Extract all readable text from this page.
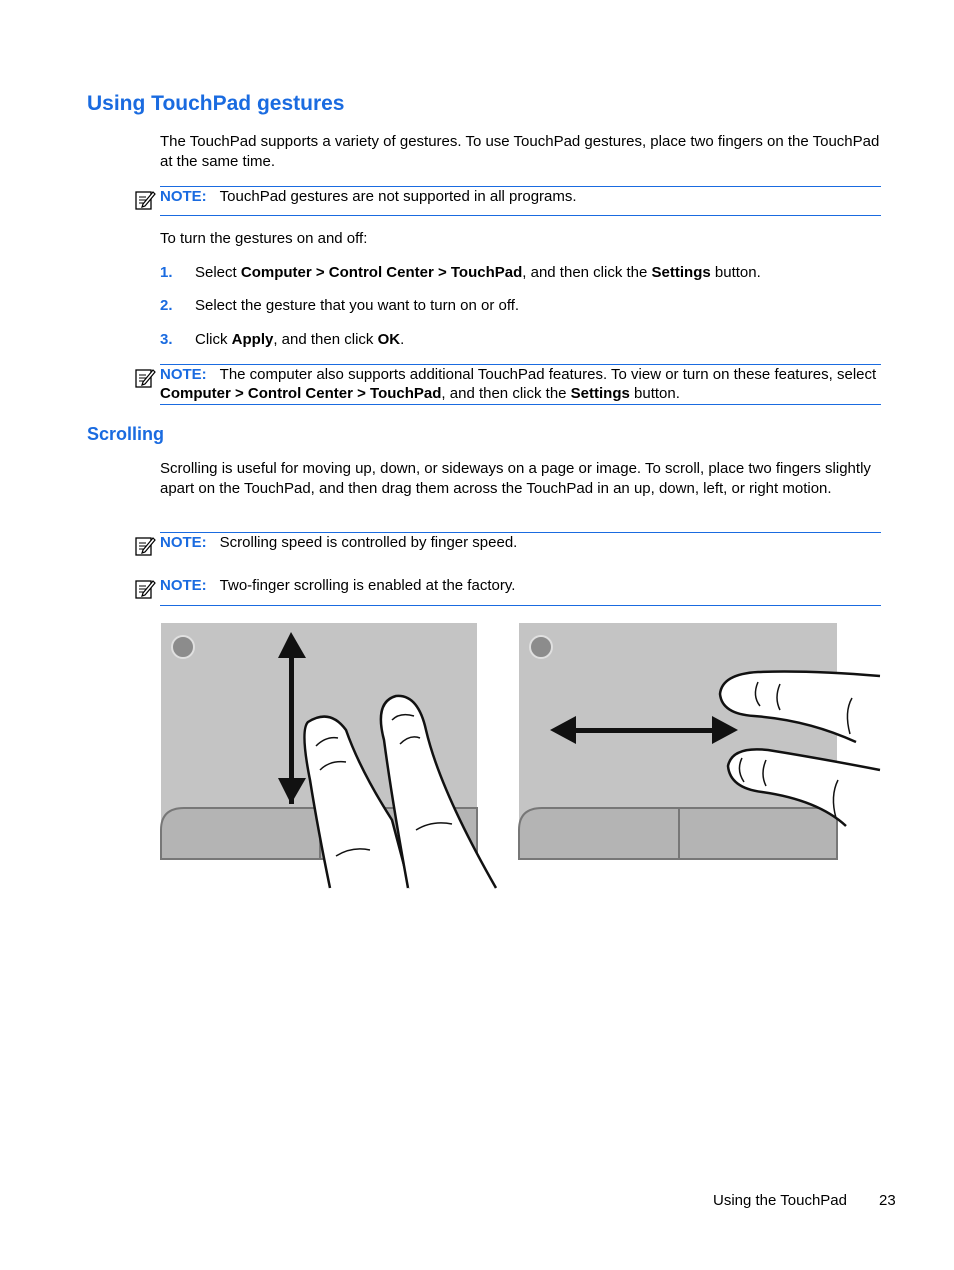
Using TouchPad gestures

The TouchPad supports a variety of gestures. To use TouchPad gestures, place two fingers on the TouchPad at the same time.

NOTE: TouchPad gestures are not supported in all programs.

To turn the gestures on and off:

1. Select Computer > Control Center > TouchPad, and then click the Settings button.
2. Select the gesture that you want to turn on or off.
3. Click Apply, and then click OK.
NOTE: The computer also supports additional TouchPad features. To view or turn on these features, select Computer > Control Center > TouchPad, and then click the Settings button.
Scrolling

Scrolling is useful for moving up, down, or sideways on a page or image. To scroll, place two fingers slightly apart on the TouchPad, and then drag them across the TouchPad in an up, down, left, or right motion.

NOTE: Scrolling speed is controlled by finger speed.
NOTE: Two-finger scrolling is enabled at the factory.
Using the TouchPad 23
